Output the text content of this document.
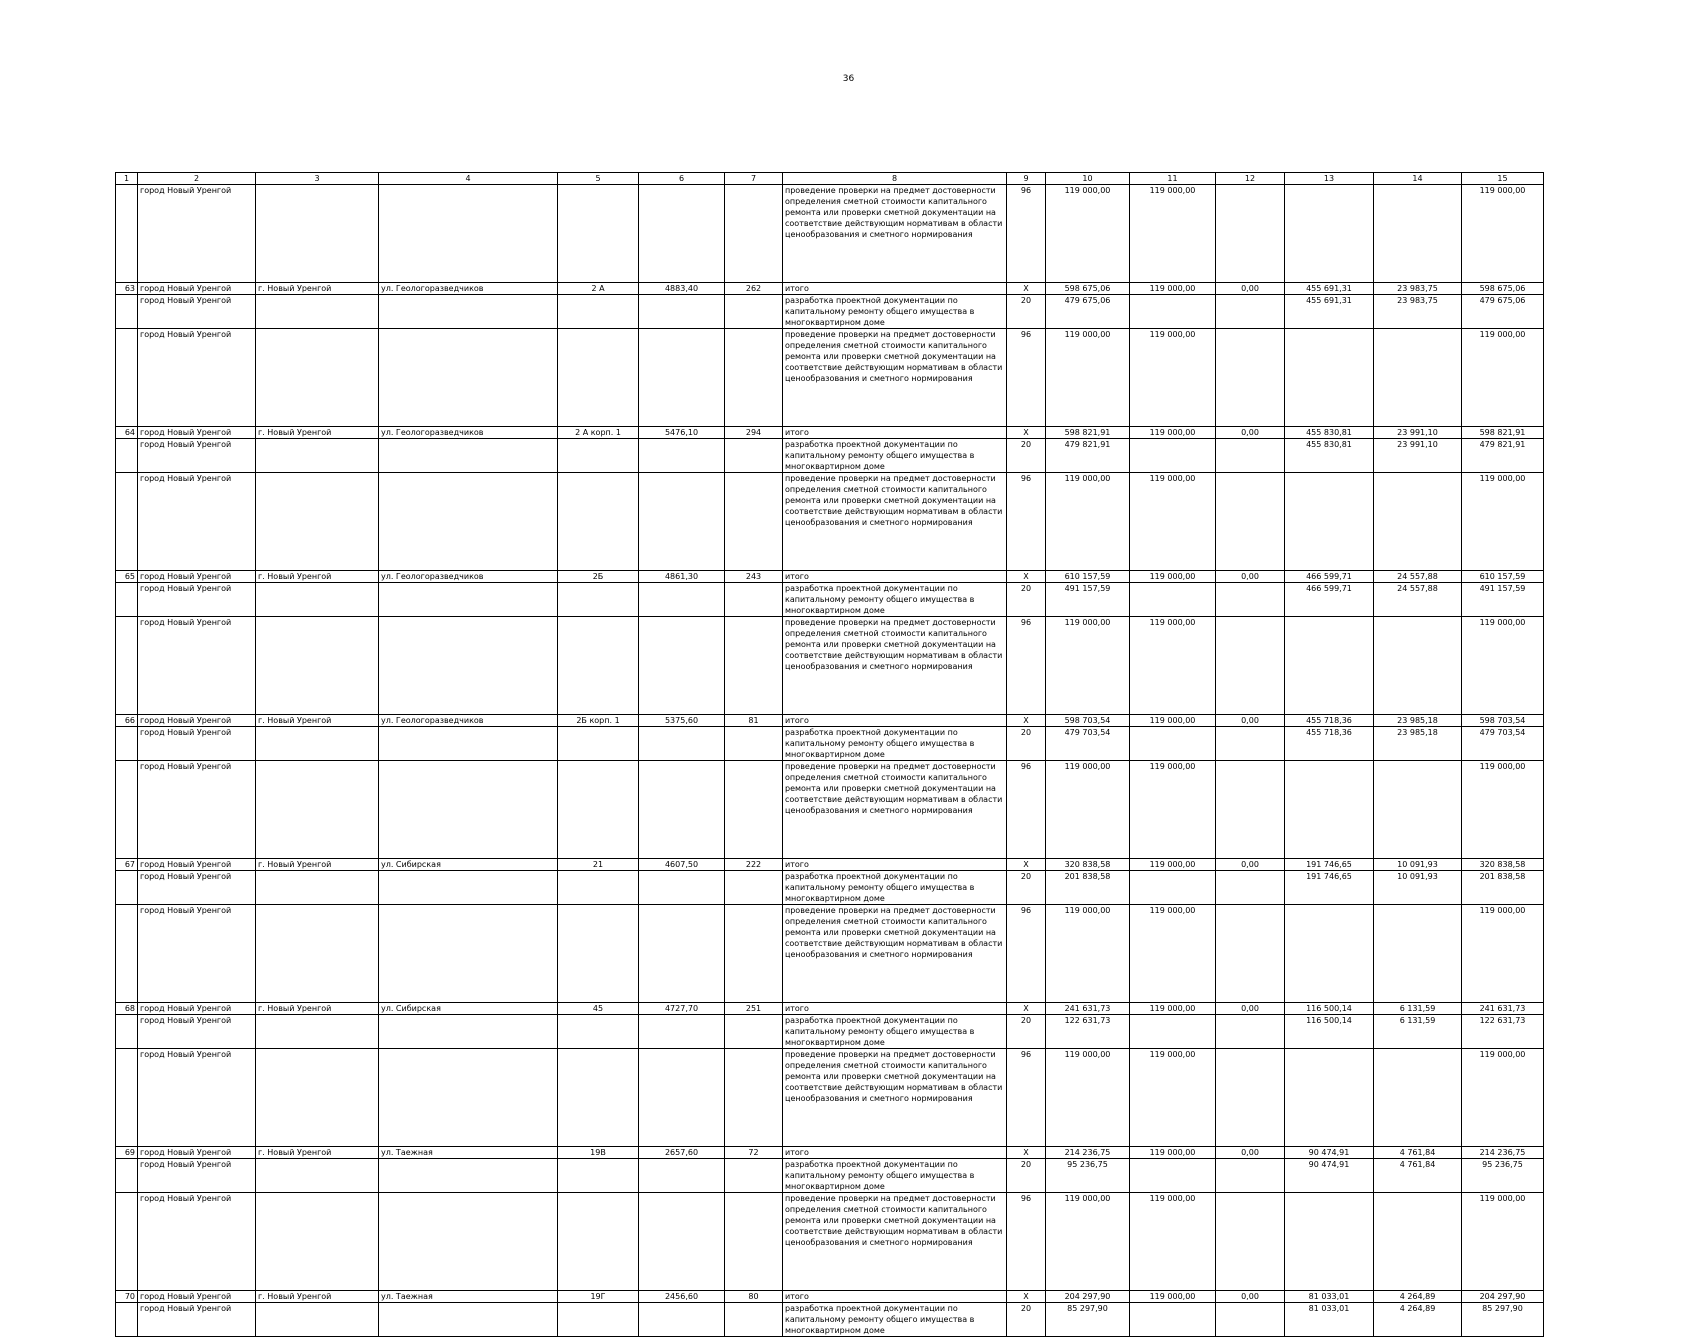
36
1	2	3	4	5	6	7	8	9	10	11	12	13	14	15
	город Новый Уренгой						проведение проверки на предмет достоверности определения сметной стоимости капитального ремонта или проверки сметной документации на соответствие действующим нормативам в области ценообразования и сметного нормирования	96	119 000,00	119 000,00				119 000,00
63	город Новый Уренгой	г. Новый Уренгой	ул. Геологоразведчиков	2 А	4883,40	262	итого	X	598 675,06	119 000,00	0,00	455 691,31	23 983,75	598 675,06
	город Новый Уренгой						разработка проектной документации по капитальному ремонту общего имущества в многоквартирном доме	20	479 675,06			455 691,31	23 983,75	479 675,06
	город Новый Уренгой						проведение проверки на предмет достоверности определения сметной стоимости капитального ремонта или проверки сметной документации на соответствие действующим нормативам в области ценообразования и сметного нормирования	96	119 000,00	119 000,00				119 000,00
64	город Новый Уренгой	г. Новый Уренгой	ул. Геологоразведчиков	2 А корп. 1	5476,10	294	итого	X	598 821,91	119 000,00	0,00	455 830,81	23 991,10	598 821,91
	город Новый Уренгой						разработка проектной документации по капитальному ремонту общего имущества в многоквартирном доме	20	479 821,91			455 830,81	23 991,10	479 821,91
	город Новый Уренгой						проведение проверки на предмет достоверности определения сметной стоимости капитального ремонта или проверки сметной документации на соответствие действующим нормативам в области ценообразования и сметного нормирования	96	119 000,00	119 000,00				119 000,00
65	город Новый Уренгой	г. Новый Уренгой	ул. Геологоразведчиков	2Б	4861,30	243	итого	X	610 157,59	119 000,00	0,00	466 599,71	24 557,88	610 157,59
	город Новый Уренгой						разработка проектной документации по капитальному ремонту общего имущества в многоквартирном доме	20	491 157,59			466 599,71	24 557,88	491 157,59
	город Новый Уренгой						проведение проверки на предмет достоверности определения сметной стоимости капитального ремонта или проверки сметной документации на соответствие действующим нормативам в области ценообразования и сметного нормирования	96	119 000,00	119 000,00				119 000,00
66	город Новый Уренгой	г. Новый Уренгой	ул. Геологоразведчиков	2Б корп. 1	5375,60	81	итого	X	598 703,54	119 000,00	0,00	455 718,36	23 985,18	598 703,54
	город Новый Уренгой						разработка проектной документации по капитальному ремонту общего имущества в многоквартирном доме	20	479 703,54			455 718,36	23 985,18	479 703,54
	город Новый Уренгой						проведение проверки на предмет достоверности определения сметной стоимости капитального ремонта или проверки сметной документации на соответствие действующим нормативам в области ценообразования и сметного нормирования	96	119 000,00	119 000,00				119 000,00
67	город Новый Уренгой	г. Новый Уренгой	ул. Сибирская	21	4607,50	222	итого	X	320 838,58	119 000,00	0,00	191 746,65	10 091,93	320 838,58
	город Новый Уренгой						разработка проектной документации по капитальному ремонту общего имущества в многоквартирном доме	20	201 838,58			191 746,65	10 091,93	201 838,58
	город Новый Уренгой						проведение проверки на предмет достоверности определения сметной стоимости капитального ремонта или проверки сметной документации на соответствие действующим нормативам в области ценообразования и сметного нормирования	96	119 000,00	119 000,00				119 000,00
68	город Новый Уренгой	г. Новый Уренгой	ул. Сибирская	45	4727,70	251	итого	X	241 631,73	119 000,00	0,00	116 500,14	6 131,59	241 631,73
	город Новый Уренгой						разработка проектной документации по капитальному ремонту общего имущества в многоквартирном доме	20	122 631,73			116 500,14	6 131,59	122 631,73
	город Новый Уренгой						проведение проверки на предмет достоверности определения сметной стоимости капитального ремонта или проверки сметной документации на соответствие действующим нормативам в области ценообразования и сметного нормирования	96	119 000,00	119 000,00				119 000,00
69	город Новый Уренгой	г. Новый Уренгой	ул. Таежная	19В	2657,60	72	итого	X	214 236,75	119 000,00	0,00	90 474,91	4 761,84	214 236,75
	город Новый Уренгой						разработка проектной документации по капитальному ремонту общего имущества в многоквартирном доме	20	95 236,75			90 474,91	4 761,84	95 236,75
	город Новый Уренгой						проведение проверки на предмет достоверности определения сметной стоимости капитального ремонта или проверки сметной документации на соответствие действующим нормативам в области ценообразования и сметного нормирования	96	119 000,00	119 000,00				119 000,00
70	город Новый Уренгой	г. Новый Уренгой	ул. Таежная	19Г	2456,60	80	итого	X	204 297,90	119 000,00	0,00	81 033,01	4 264,89	204 297,90
	город Новый Уренгой						разработка проектной документации по капитальному ремонту общего имущества в многоквартирном доме	20	85 297,90			81 033,01	4 264,89	85 297,90
